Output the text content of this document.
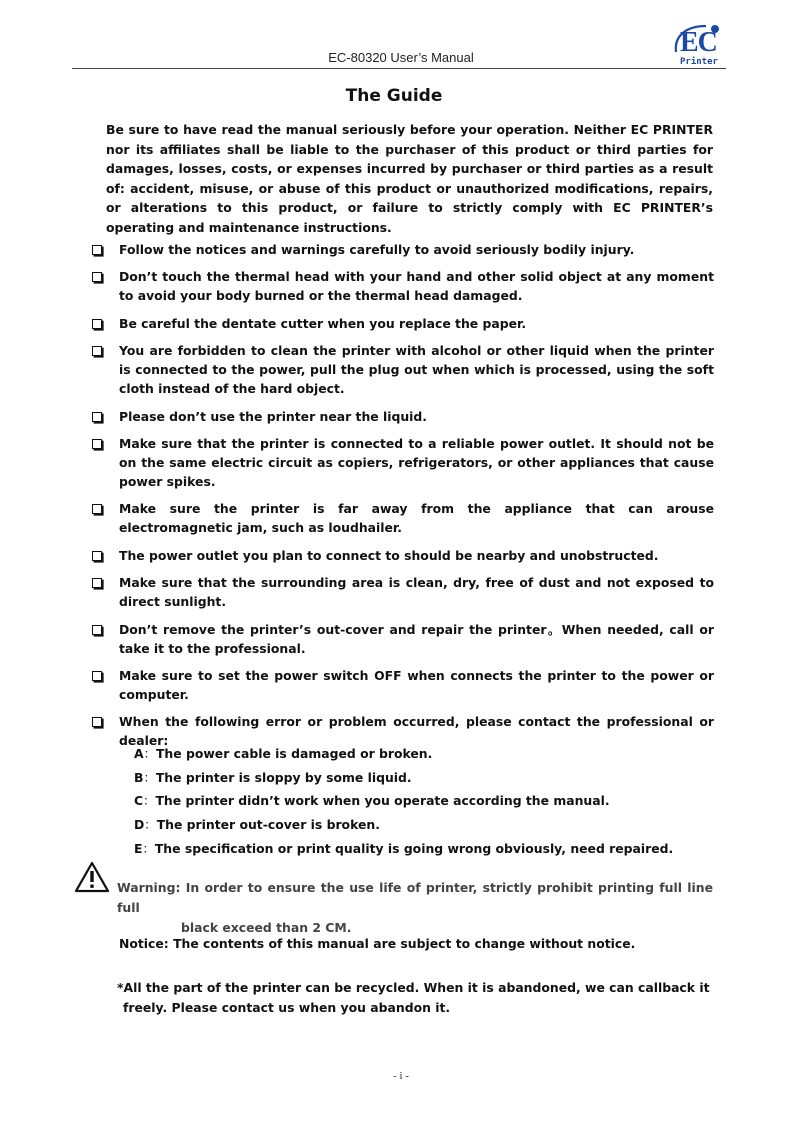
EC-80320 User’s Manual	EC
Printer
The Guide
Be sure to have read the manual seriously before your operation. Neither EC PRINTER nor its affiliates shall be liable to the purchaser of this product or third parties for damages, losses, costs, or expenses incurred by purchaser or third parties as a result of: accident, misuse, or abuse of this product or unauthorized modifications, repairs, or alterations to this product, or failure to strictly comply with EC PRINTER’s operating and maintenance instructions.
Follow the notices and warnings carefully to avoid seriously bodily injury.
Don’t touch the thermal head with your hand and other solid object at any moment to avoid your body burned or the thermal head damaged.
Be careful the dentate cutter when you replace the paper.
You are forbidden to clean the printer with alcohol or other liquid when the printer is connected to the power, pull the plug out when which is processed, using the soft cloth instead of the hard object.
Please don’t use the printer near the liquid.
Make sure that the printer is connected to a reliable power outlet. It should not be on the same electric circuit as copiers, refrigerators, or other appliances that cause power spikes.
Make sure the printer is far away from the appliance that can arouse electromagnetic jam, such as loudhailer.
The power outlet you plan to connect to should be nearby and unobstructed.
Make sure that the surrounding area is clean, dry, free of dust and not exposed to direct sunlight.
Don’t remove the printer’s out-cover and repair the printer。When needed, call or take it to the professional.
Make sure to set the power switch OFF when connects the printer to the power or computer.
When the following error or problem occurred, please contact the professional or dealer:
A：The power cable is damaged or broken.
B：The printer is sloppy by some liquid.
C：The printer didn’t work when you operate according the manual.
D：The printer out-cover is broken.
E：The specification or print quality is going wrong obviously, need repaired.
Warning: In order to ensure the use life of printer, strictly prohibit printing full line full
black exceed than 2 CM.
Notice: The contents of this manual are subject to change without notice.
*All the part of the printer can be recycled. When it is abandoned, we can callback it
freely. Please contact us when you abandon it.
- i -
